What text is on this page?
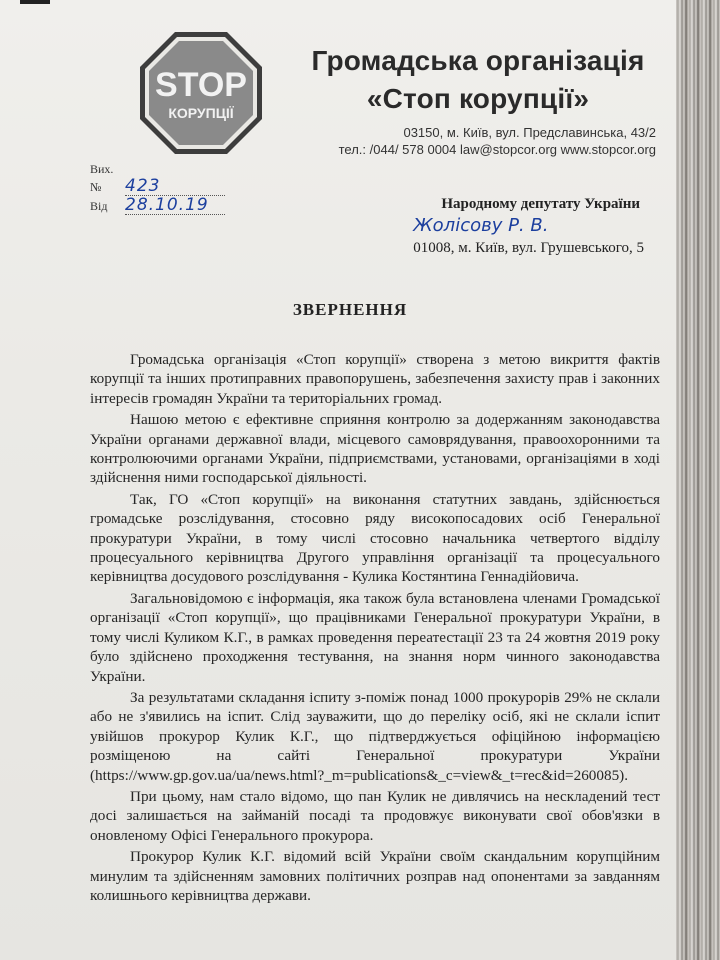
STOP
КОРУПЦІЇ
Громадська організація
«Стоп корупції»
03150, м. Київ, вул. Предславинська, 43/2
тел.: /044/ 578 0004 law@stopcor.org www.stopcor.org
Вих. № 423
Від 28.10.19	Народному депутату України
Жолісову Р. В.
01008, м. Київ, вул. Грушевського, 5
ЗВЕРНЕННЯ

Громадська організація «Стоп корупції» створена з метою викриття фактів корупції та інших протиправних правопорушень, забезпечення захисту прав і законних інтересів громадян України та територіальних громад.

Нашою метою є ефективне сприяння контролю за додержанням законодавства України органами державної влади, місцевого самоврядування, правоохоронними та контролюючими органами України, підприємствами, установами, організаціями в ході здійснення ними господарської діяльності.

Так, ГО «Стоп корупції» на виконання статутних завдань, здійснюється громадське розслідування, стосовно ряду високопосадових осіб Генеральної прокуратури України, в тому числі стосовно начальника четвертого відділу процесуального керівництва Другого управління організації та процесуального керівництва досудового розслідування - Кулика Костянтина Геннадійовича.

Загальновідомою є інформація, яка також була встановлена членами Громадської організації «Стоп корупції», що працівниками Генеральної прокуратури України, в тому числі Куликом К.Г., в рамках проведення переатестації 23 та 24 жовтня 2019 року було здійснено проходження тестування, на знання норм чинного законодавства України.

За результатами складання іспиту з-поміж понад 1000 прокурорів 29% не склали або не з'явились на іспит. Слід зауважити, що до переліку осіб, які не склали іспит увійшов прокурор Кулик К.Г., що підтверджується офіційною інформацією розміщеною на сайті Генеральної прокуратури України (https://www.gp.gov.ua/ua/news.html?_m=publications&_c=view&_t=rec&id=260085).

При цьому, нам стало відомо, що пан Кулик не дивлячись на нескладений тест досі залишається на займаній посаді та продовжує виконувати свої обов'язки в оновленому Офісі Генерального прокурора.

Прокурор Кулик К.Г. відомий всій України своїм скандальним корупційним минулим та здійсненням замовних політичних розправ над опонентами за завданням колишнього керівництва держави.
